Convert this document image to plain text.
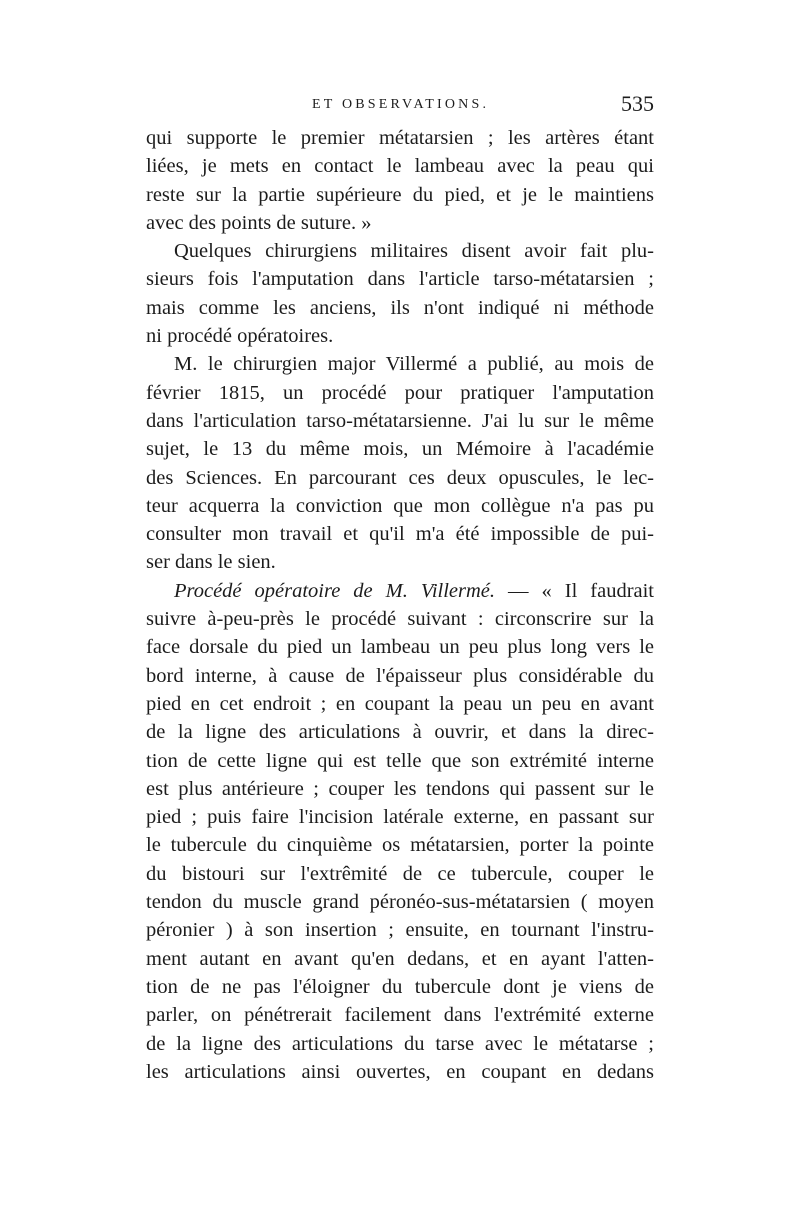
ET OBSERVATIONS.	535
qui supporte le premier métatarsien ; les artères étant
liées, je mets en contact le lambeau avec la peau qui
reste sur la partie supérieure du pied, et je le maintiens
avec des points de suture. »
Quelques chirurgiens militaires disent avoir fait plu-
sieurs fois l'amputation dans l'article tarso-métatarsien ;
mais comme les anciens, ils n'ont indiqué ni méthode
ni procédé opératoires.
M. le chirurgien major Villermé a publié, au mois de
février 1815, un procédé pour pratiquer l'amputation
dans l'articulation tarso-métatarsienne. J'ai lu sur le même
sujet, le 13 du même mois, un Mémoire à l'académie
des Sciences. En parcourant ces deux opuscules, le lec-
teur acquerra la conviction que mon collègue n'a pas pu
consulter mon travail et qu'il m'a été impossible de pui-
ser dans le sien.
Procédé opératoire de M. Villermé. — « Il faudrait
suivre à-peu-près le procédé suivant : circonscrire sur la
face dorsale du pied un lambeau un peu plus long vers le
bord interne, à cause de l'épaisseur plus considérable du
pied en cet endroit ; en coupant la peau un peu en avant
de la ligne des articulations à ouvrir, et dans la direc-
tion de cette ligne qui est telle que son extrémité interne
est plus antérieure ; couper les tendons qui passent sur le
pied ; puis faire l'incision latérale externe, en passant sur
le tubercule du cinquième os métatarsien, porter la pointe
du bistouri sur l'extrêmité de ce tubercule, couper le
tendon du muscle grand péronéo-sus-métatarsien ( moyen
péronier ) à son insertion ; ensuite, en tournant l'instru-
ment autant en avant qu'en dedans, et en ayant l'atten-
tion de ne pas l'éloigner du tubercule dont je viens de
parler, on pénétrerait facilement dans l'extrémité externe
de la ligne des articulations du tarse avec le métatarse ;
les articulations ainsi ouvertes, en coupant en dedans
